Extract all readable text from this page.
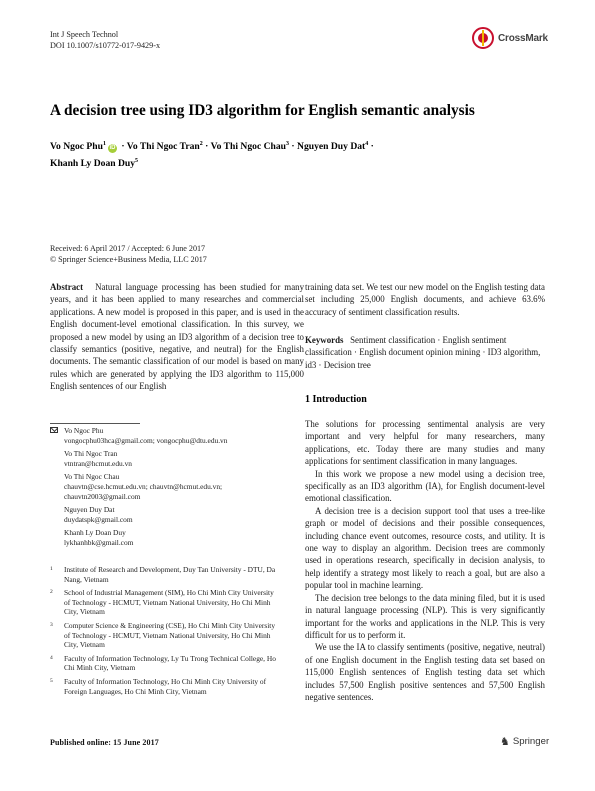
Int J Speech Technol
DOI 10.1007/s10772-017-9429-x
CrossMark
A decision tree using ID3 algorithm for English semantic analysis
Vo Ngoc Phu$^1$iD · Vo Thi Ngoc Tran$^2$ · Vo Thi Ngoc Chau$^3$ · Nguyen Duy Dat$^4$ ·
Khanh Ly Doan Duy$^5$
Received: 6 April 2017 / Accepted: 6 June 2017
© Springer Science+Business Media, LLC 2017
Abstract Natural language processing has been studied for many years, and it has been applied to many researches and commercial applications. A new model is proposed in this paper, and is used in the English document-level emotional classification. In this survey, we proposed a new model by using an ID3 algorithm of a decision tree to classify semantics (positive, negative, and neutral) for the English documents. The semantic classification of our model is based on many rules which are generated by applying the ID3 algorithm to 115,000 English sentences of our English
training data set. We test our new model on the English testing data set including 25,000 English documents, and achieve 63.6% accuracy of sentiment classification results.
Keywords Sentiment classification · English sentiment classification · English document opinion mining · ID3 algorithm, id3 · Decision tree
Vo Ngoc Phu
vongocphu03hca@gmail.com; vongocphu@dtu.edu.vn
Vo Thi Ngoc Tran
vtntran@hcmut.edu.vn
Vo Thi Ngoc Chau
chauvtn@cse.hcmut.edu.vn; chauvtn@hcmut.edu.vn;
chauvtn2003@gmail.com
Nguyen Duy Dat
duydatspk@gmail.com
Khanh Ly Doan Duy
lykhanhbk@gmail.com
1	Institute of Research and Development, Duy Tan University - DTU, Da Nang, Vietnam
2	School of Industrial Management (SIM), Ho Chi Minh City University of Technology - HCMUT, Vietnam National University, Ho Chi Minh City, Vietnam
3	Computer Science & Engineering (CSE), Ho Chi Minh City University of Technology - HCMUT, Vietnam National University, Ho Chi Minh City, Vietnam
4	Faculty of Information Technology, Ly Tu Trong Technical College, Ho Chi Minh City, Vietnam
5	Faculty of Information Technology, Ho Chi Minh City University of Foreign Languages, Ho Chi Minh City, Vietnam
1 Introduction

The solutions for processing sentimental analysis are very important and very helpful for many researchers, many applications, etc. Today there are many studies and many applications for sentiment classification in many languages.

In this work we propose a new model using a decision tree, specifically as an ID3 algorithm (IA), for English document-level emotional classification.

A decision tree is a decision support tool that uses a tree-like graph or model of decisions and their possible consequences, including chance event outcomes, resource costs, and utility. It is one way to display an algorithm. Decision trees are commonly used in operations research, specifically in decision analysis, to help identify a strategy most likely to reach a goal, but are also a popular tool in machine learning.

The decision tree belongs to the data mining filed, but it is used in natural language processing (NLP). This is very significantly important for the works and applications in the NLP. This is very difficult for us to perform it.

We use the IA to classify sentiments (positive, negative, neutral) of one English document in the English testing data set based on 115,000 English sentences of English testing data set which includes 57,500 English positive sentences and 57,500 English negative sentences.

Published online: 15 June 2017	♞ Springer
